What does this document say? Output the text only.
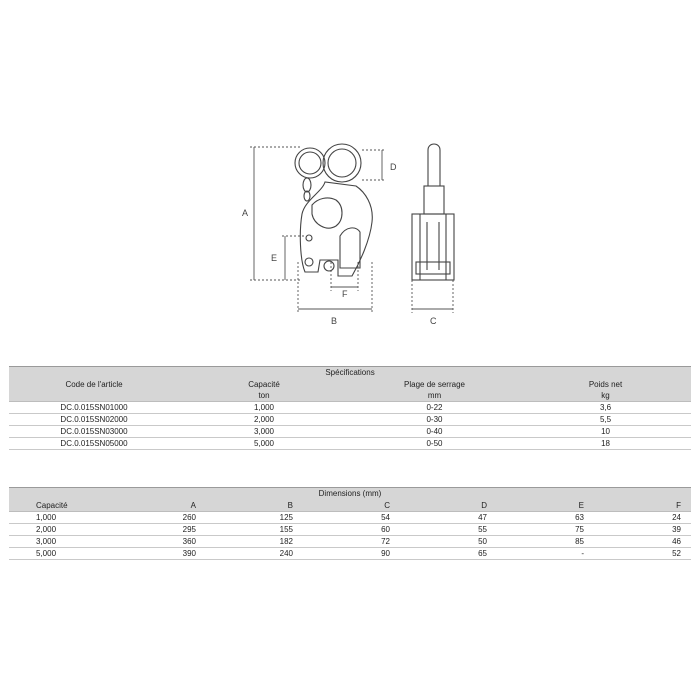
A
E
D
B
F
C
Spécifications			
Code de l'article	Capacité	Plage de serrage	Poids net
	ton	mm	kg
DC.0.015SN01000	1,000	0-22	3,6
DC.0.015SN02000	2,000	0-30	5,5
DC.0.015SN03000	3,000	0-40	10
DC.0.015SN05000	5,000	0-50	18
Dimensions (mm)						
Capacité	A	B	C	D	E	F
1,000	260	125	54	47	63	24
2,000	295	155	60	55	75	39
3,000	360	182	72	50	85	46
5,000	390	240	90	65	-	52
